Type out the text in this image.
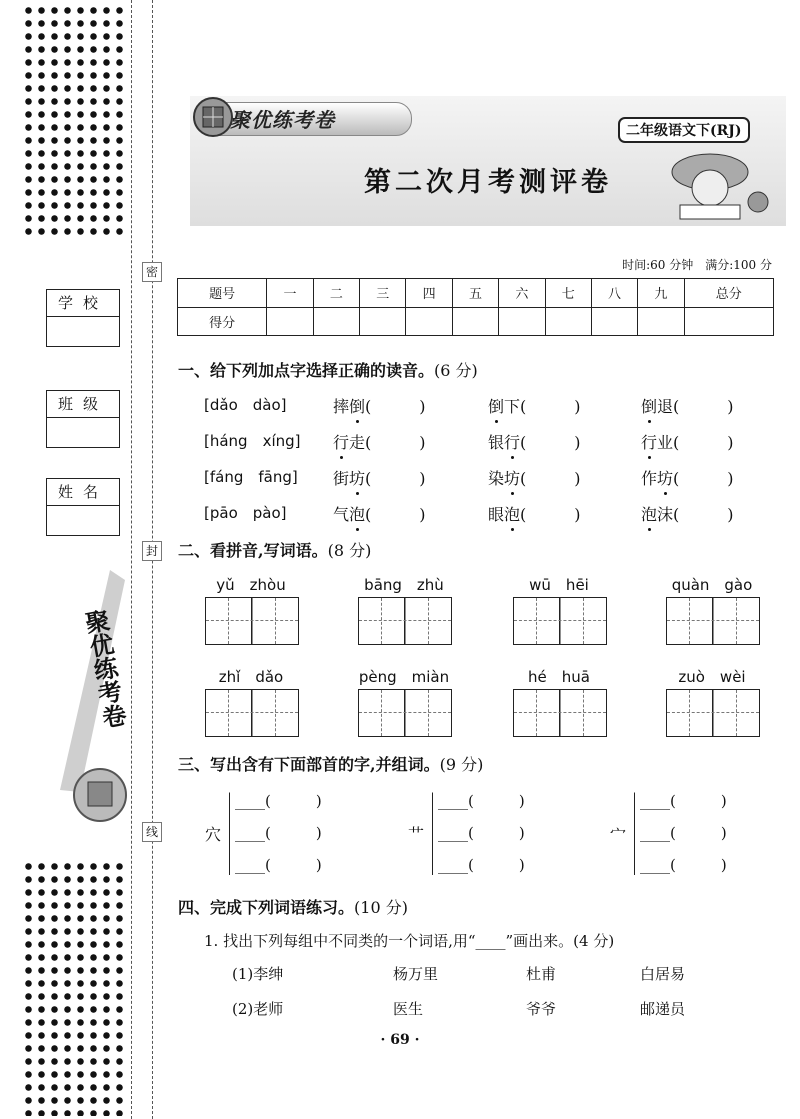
密
封
线
学校
班级
姓名
聚优练考卷
聚优练考卷	二年级语文下(RJ)
第二次月考测评卷
时间:60 分钟　满分:100 分
题号	一	二	三	四	五	六	七	八	九	总分
得分										
一、给下列加点字选择正确的读音。(6 分)
[dǎo　dào]	摔倒(　　　)	倒下(　　　)	倒退(　　　)
[háng　xíng] 行走(　　　)	银行(　　　)	行业(　　　)
[fáng　fāng] 街坊(　　　)	染坊(　　　)	作坊(　　　)
[pāo　pào]	气泡(　　　)	眼泡(　　　)	泡沫(　　　)
二、看拼音,写词语。(8 分)
yǔ　zhòu	bāng　zhù	wū　hēi	quàn　gào
zhǐ　dǎo	pèng　miàn	hé　huā	zuò　wèi
三、写出含有下面部首的字,并组词。(9 分)
穴
____(　　　)
____(　　　)
____(　　　)
艹
____(　　　)
____(　　　)
____(　　　)
宀
____(　　　)
____(　　　)
____(　　　)
四、完成下列词语练习。(10 分)
1. 找出下列每组中不同类的一个词语,用“____”画出来。(4 分)
(1)李绅	杨万里	杜甫	白居易
(2)老师	医生	爷爷	邮递员
· 69 ·
